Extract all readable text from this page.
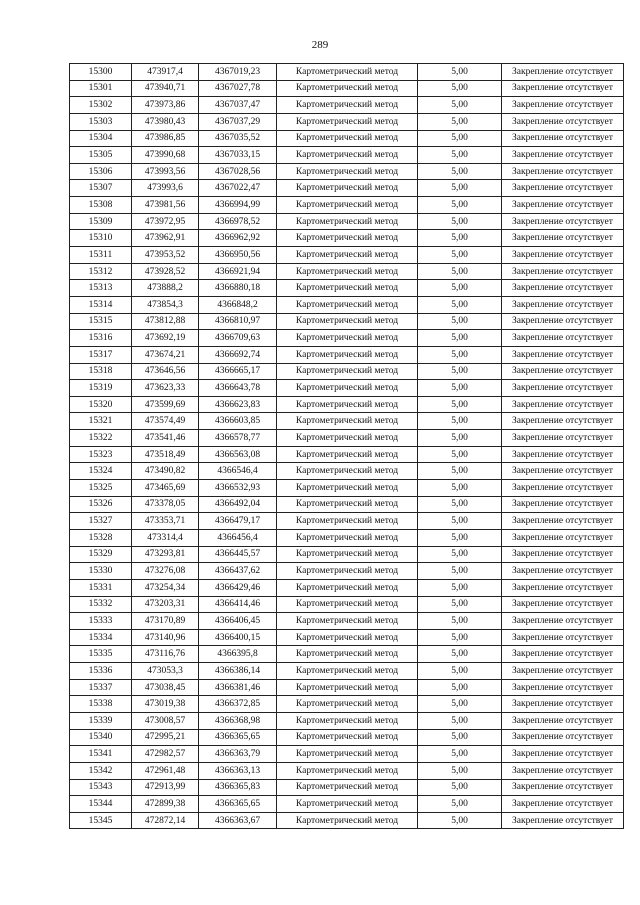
289
15300	473917,4	4367019,23	Картометрический метод	5,00	Закрепление отсутствует
15301	473940,71	4367027,78	Картометрический метод	5,00	Закрепление отсутствует
15302	473973,86	4367037,47	Картометрический метод	5,00	Закрепление отсутствует
15303	473980,43	4367037,29	Картометрический метод	5,00	Закрепление отсутствует
15304	473986,85	4367035,52	Картометрический метод	5,00	Закрепление отсутствует
15305	473990,68	4367033,15	Картометрический метод	5,00	Закрепление отсутствует
15306	473993,56	4367028,56	Картометрический метод	5,00	Закрепление отсутствует
15307	473993,6	4367022,47	Картометрический метод	5,00	Закрепление отсутствует
15308	473981,56	4366994,99	Картометрический метод	5,00	Закрепление отсутствует
15309	473972,95	4366978,52	Картометрический метод	5,00	Закрепление отсутствует
15310	473962,91	4366962,92	Картометрический метод	5,00	Закрепление отсутствует
15311	473953,52	4366950,56	Картометрический метод	5,00	Закрепление отсутствует
15312	473928,52	4366921,94	Картометрический метод	5,00	Закрепление отсутствует
15313	473888,2	4366880,18	Картометрический метод	5,00	Закрепление отсутствует
15314	473854,3	4366848,2	Картометрический метод	5,00	Закрепление отсутствует
15315	473812,88	4366810,97	Картометрический метод	5,00	Закрепление отсутствует
15316	473692,19	4366709,63	Картометрический метод	5,00	Закрепление отсутствует
15317	473674,21	4366692,74	Картометрический метод	5,00	Закрепление отсутствует
15318	473646,56	4366665,17	Картометрический метод	5,00	Закрепление отсутствует
15319	473623,33	4366643,78	Картометрический метод	5,00	Закрепление отсутствует
15320	473599,69	4366623,83	Картометрический метод	5,00	Закрепление отсутствует
15321	473574,49	4366603,85	Картометрический метод	5,00	Закрепление отсутствует
15322	473541,46	4366578,77	Картометрический метод	5,00	Закрепление отсутствует
15323	473518,49	4366563,08	Картометрический метод	5,00	Закрепление отсутствует
15324	473490,82	4366546,4	Картометрический метод	5,00	Закрепление отсутствует
15325	473465,69	4366532,93	Картометрический метод	5,00	Закрепление отсутствует
15326	473378,05	4366492,04	Картометрический метод	5,00	Закрепление отсутствует
15327	473353,71	4366479,17	Картометрический метод	5,00	Закрепление отсутствует
15328	473314,4	4366456,4	Картометрический метод	5,00	Закрепление отсутствует
15329	473293,81	4366445,57	Картометрический метод	5,00	Закрепление отсутствует
15330	473276,08	4366437,62	Картометрический метод	5,00	Закрепление отсутствует
15331	473254,34	4366429,46	Картометрический метод	5,00	Закрепление отсутствует
15332	473203,31	4366414,46	Картометрический метод	5,00	Закрепление отсутствует
15333	473170,89	4366406,45	Картометрический метод	5,00	Закрепление отсутствует
15334	473140,96	4366400,15	Картометрический метод	5,00	Закрепление отсутствует
15335	473116,76	4366395,8	Картометрический метод	5,00	Закрепление отсутствует
15336	473053,3	4366386,14	Картометрический метод	5,00	Закрепление отсутствует
15337	473038,45	4366381,46	Картометрический метод	5,00	Закрепление отсутствует
15338	473019,38	4366372,85	Картометрический метод	5,00	Закрепление отсутствует
15339	473008,57	4366368,98	Картометрический метод	5,00	Закрепление отсутствует
15340	472995,21	4366365,65	Картометрический метод	5,00	Закрепление отсутствует
15341	472982,57	4366363,79	Картометрический метод	5,00	Закрепление отсутствует
15342	472961,48	4366363,13	Картометрический метод	5,00	Закрепление отсутствует
15343	472913,99	4366365,83	Картометрический метод	5,00	Закрепление отсутствует
15344	472899,38	4366365,65	Картометрический метод	5,00	Закрепление отсутствует
15345	472872,14	4366363,67	Картометрический метод	5,00	Закрепление отсутствует
